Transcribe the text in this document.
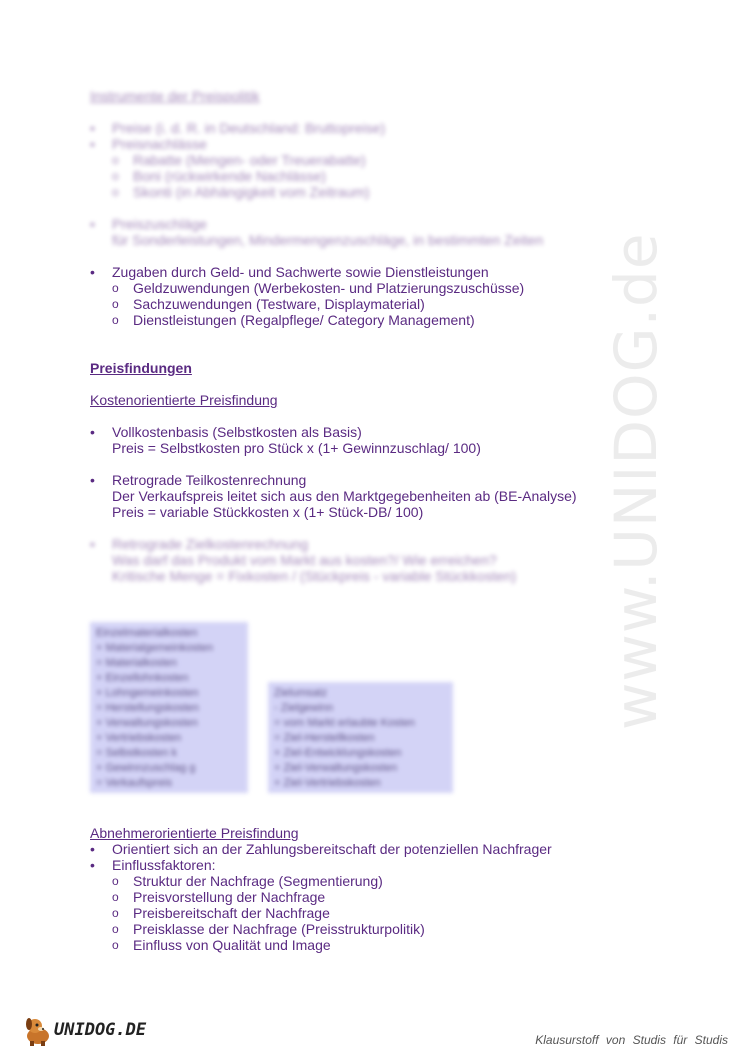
www.UNIDOG.de
Instrumente der Preispolitik
• Preise (i. d. R. in Deutschland: Bruttopreise)
• Preisnachlässe
o Rabatte (Mengen- oder Treuerabatte)
o Boni (rückwirkende Nachlässe)
o Skonti (in Abhängigkeit vom Zeitraum)
• Preiszuschläge
für Sonderleistungen, Mindermengenzuschläge, in bestimmten Zeiten
• Zugaben durch Geld- und Sachwerte sowie Dienstleistungen
o Geldzuwendungen (Werbekosten- und Platzierungszuschüsse)
o Sachzuwendungen (Testware, Displaymaterial)
o Dienstleistungen (Regalpflege/ Category Management)
Preisfindungen
Kostenorientierte Preisfindung
• Vollkostenbasis (Selbstkosten als Basis)
Preis = Selbstkosten pro Stück x (1+ Gewinnzuschlag/ 100)
• Retrograde Teilkostenrechnung
Der Verkaufspreis leitet sich aus den Marktgegebenheiten ab (BE-Analyse)
Preis = variable Stückkosten x (1+ Stück-DB/ 100)
• Retrograde Zielkostenrechnung
Was darf das Produkt vom Markt aus kosten?/ Wie erreichen?
Kritische Menge = Fixkosten / (Stückpreis - variable Stückkosten)
Einzelmaterialkosten
+ Materialgemeinkosten
= Materialkosten
+ Einzellohnkosten
+ Lohngemeinkosten
= Herstellungskosten
+ Verwaltungskosten
+ Vertriebskosten
= Selbstkosten k
+ Gewinnzuschlag g
= Verkaufspreis
Zielumsatz
- Zielgewinn
= vom Markt erlaubte Kosten
= Ziel-Herstellkosten
+ Ziel-Entwicklungskosten
+ Ziel-Verwaltungskosten
+ Ziel-Vertriebskosten
Abnehmerorientierte Preisfindung
• Orientiert sich an der Zahlungsbereitschaft der potenziellen Nachfrager
• Einflussfaktoren:
o Struktur der Nachfrage (Segmentierung)
o Preisvorstellung der Nachfrage
o Preisbereitschaft der Nachfrage
o Preisklasse der Nachfrage (Preisstrukturpolitik)
o Einfluss von Qualität und Image
UNIDOG.DE	Klausurstoff von Studis für Studis
